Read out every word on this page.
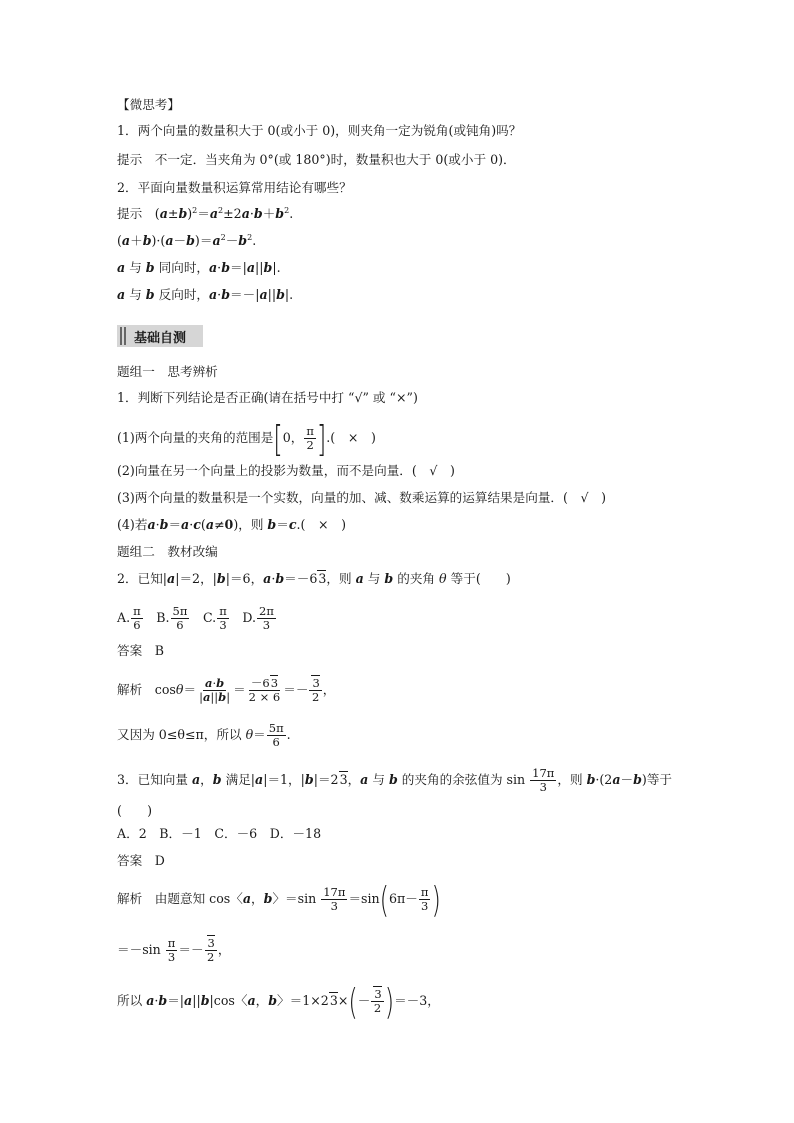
【微思考】
1．两个向量的数量积大于 0(或小于 0)，则夹角一定为锐角(或钝角)吗？
提示　不一定．当夹角为 0°(或 180°)时，数量积也大于 0(或小于 0)．
2．平面向量数量积运算常用结论有哪些？
提示　$(a\pm b)^2=a^2\pm 2a\cdot b+b^2$.
$(a+b)\cdot(a-b)=a^2-b^2$.
a 与 b 同向时，a·b＝|a||b|.
a 与 b 反向时，a·b＝－|a||b|.
基础自测
题组一　思考辨析
1．判断下列结论是否正确(请在括号中打 “√” 或 “×”)
(1)两个向量的夹角的范围是[0， $\frac{\pi}{2}$ ].(　×　)
(2)向量在另一个向量上的投影为数量，而不是向量．(　√　)
(3)两个向量的数量积是一个实数，向量的加、减、数乘运算的运算结果是向量．(　√　)
(4)若a·b＝a·c(a≠0)，则 b＝c.(　×　)
题组二　教材改编
2．已知|a|＝2，|b|＝6，a·b＝－63，则 a 与 b 的夹角 θ 等于(　　)
A. $\frac{\pi}{6}$ 　B. $\frac{5\pi}{6}$ 　C. $\frac{\pi}{3}$ 　D. $\frac{2\pi}{3}$
答案　B
解析　$\cos\theta= \frac{a\cdot b}{|a||b|} = \frac{-63}{2 \times 6} =- \frac{3}{2}$ ，
又因为 0≤θ≤π，所以 $\theta= \frac{5\pi}{6}$ .
3．已知向量 a，b 满足|a|＝1，|b|＝23，a 与 b 的夹角的余弦值为 $\sin \frac{17\pi}{3}$ ，则 b·(2a－b)等于
(　　)
A．2　B．－1　C．－6　D．－18
答案　D
解析　由题意知 cos〈a，b〉$=\sin \frac{17\pi}{3} =\sin(6\pi- \frac{\pi}{3}$ )
$=-\sin \frac{\pi}{3} =- \frac{3}{2}$ ，
所以 a·b＝|a||b|cos〈a，b〉$=1\times 23\times(- \frac{3}{2} )=-3$，
